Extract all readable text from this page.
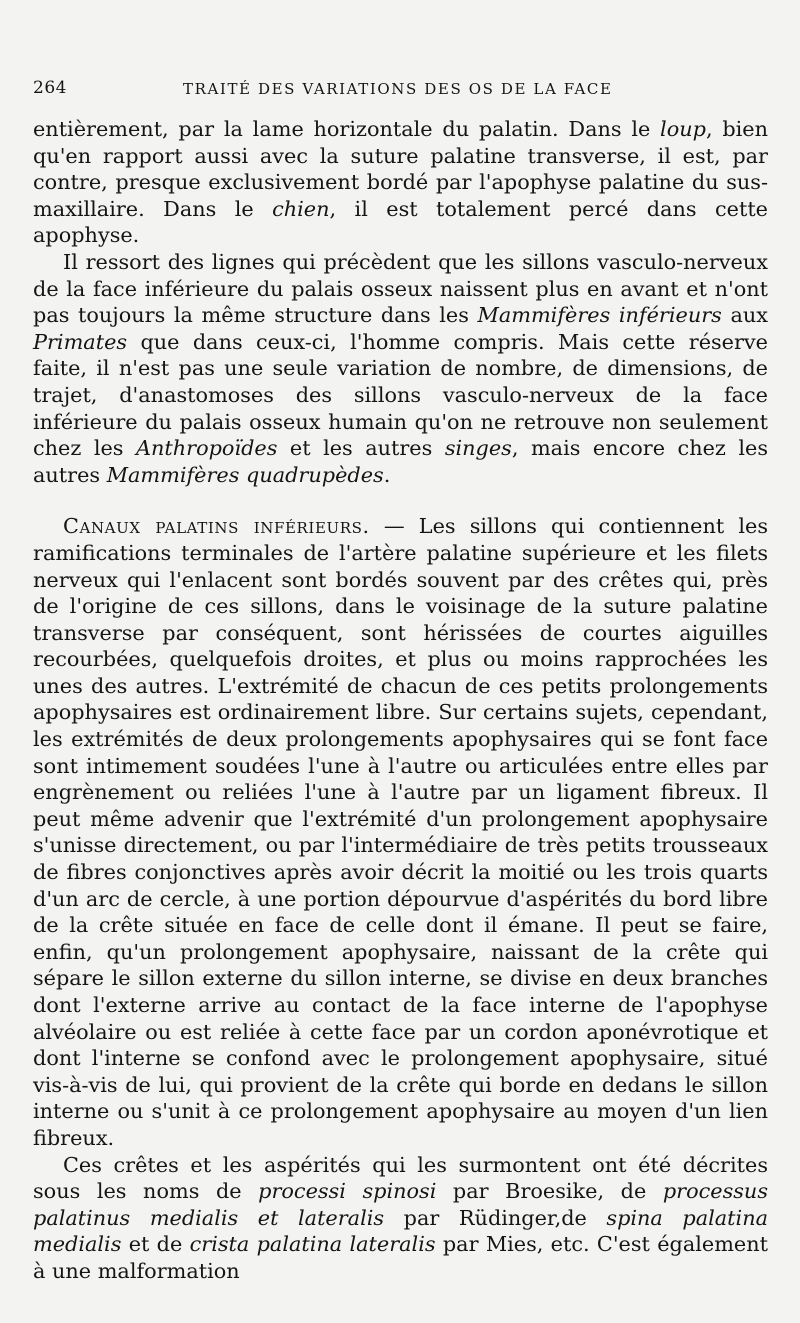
264	TRAITÉ DES VARIATIONS DES OS DE LA FACE

entièrement, par la lame horizontale du palatin. Dans le loup, bien qu'en rapport aussi avec la suture palatine transverse, il est, par contre, presque exclusivement bordé par l'apophyse palatine du sus-maxillaire. Dans le chien, il est totalement percé dans cette apophyse.

Il ressort des lignes qui précèdent que les sillons vasculo-nerveux de la face inférieure du palais osseux naissent plus en avant et n'ont pas toujours la même structure dans les Mammifères inférieurs aux Primates que dans ceux-ci, l'homme compris. Mais cette réserve faite, il n'est pas une seule variation de nombre, de dimensions, de trajet, d'anastomoses des sillons vasculo-nerveux de la face inférieure du palais osseux humain qu'on ne retrouve non seulement chez les Anthropoïdes et les autres singes, mais encore chez les autres Mammifères quadrupèdes.

Canaux palatins inférieurs. — Les sillons qui contiennent les ramifications terminales de l'artère palatine supérieure et les filets nerveux qui l'enlacent sont bordés souvent par des crêtes qui, près de l'origine de ces sillons, dans le voisinage de la suture palatine transverse par conséquent, sont hérissées de courtes aiguilles recourbées, quelquefois droites, et plus ou moins rapprochées les unes des autres. L'extrémité de chacun de ces petits prolongements apophysaires est ordinairement libre. Sur certains sujets, cependant, les extrémités de deux prolongements apophysaires qui se font face sont intimement soudées l'une à l'autre ou articulées entre elles par engrènement ou reliées l'une à l'autre par un ligament fibreux. Il peut même advenir que l'extrémité d'un prolongement apophysaire s'unisse directement, ou par l'intermédiaire de très petits trousseaux de fibres conjonctives après avoir décrit la moitié ou les trois quarts d'un arc de cercle, à une portion dépourvue d'aspérités du bord libre de la crête située en face de celle dont il émane. Il peut se faire, enfin, qu'un prolongement apophysaire, naissant de la crête qui sépare le sillon externe du sillon interne, se divise en deux branches dont l'externe arrive au contact de la face interne de l'apophyse alvéolaire ou est reliée à cette face par un cordon aponévrotique et dont l'interne se confond avec le prolongement apophysaire, situé vis-à-vis de lui, qui provient de la crête qui borde en dedans le sillon interne ou s'unit à ce prolongement apophysaire au moyen d'un lien fibreux.

Ces crêtes et les aspérités qui les surmontent ont été décrites sous les noms de processi spinosi par Broesike, de processus palatinus medialis et lateralis par Rüdinger,de spina palatina medialis et de crista palatina lateralis par Mies, etc. C'est également à une malformation
